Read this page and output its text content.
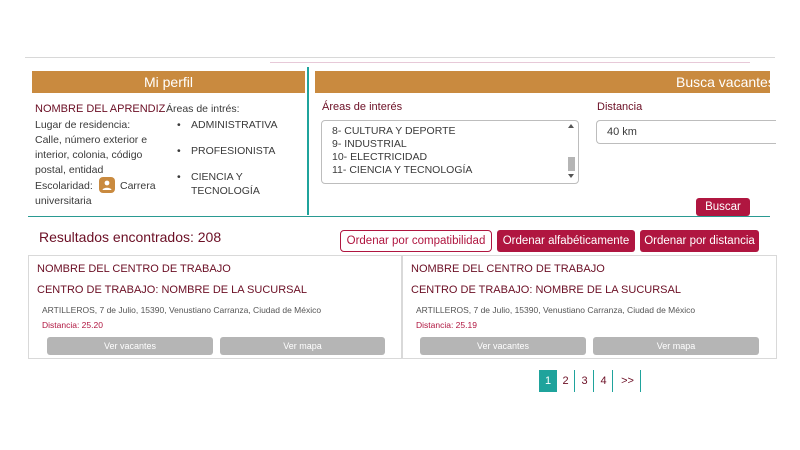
Mi perfil
NOMBRE DEL APRENDIZ Áreas de intrés:
Lugar de residencia:
Calle, número exterior e
interior, colonia, código
postal, entidad
Escolaridad:	Carrera
universitaria
• ADMINISTRATIVA
• PROFESIONISTA
• CIENCIA Y
TECNOLOGÍA
Busca vacantes
Áreas de interés
8- CULTURA Y DEPORTE
9- INDUSTRIAL
10- ELECTRICIDAD
11- CIENCIA Y TECNOLOGÍA
Distancia
40 km
Buscar
Resultados encontrados: 208	Ordenar por compatibilidad	Ordenar alfabéticamente	Ordenar por distancia
NOMBRE DEL CENTRO DE TRABAJO
CENTRO DE TRABAJO: NOMBRE DE LA SUCURSAL
ARTILLEROS, 7 de Julio, 15390, Venustiano Carranza, Ciudad de México
Distancia: 25.20
Ver vacantes	Ver mapa
NOMBRE DEL CENTRO DE TRABAJO
CENTRO DE TRABAJO: NOMBRE DE LA SUCURSAL
ARTILLEROS, 7 de Julio, 15390, Venustiano Carranza, Ciudad de México
Distancia: 25.19
Ver vacantes	Ver mapa
1	2	3	4	>>
